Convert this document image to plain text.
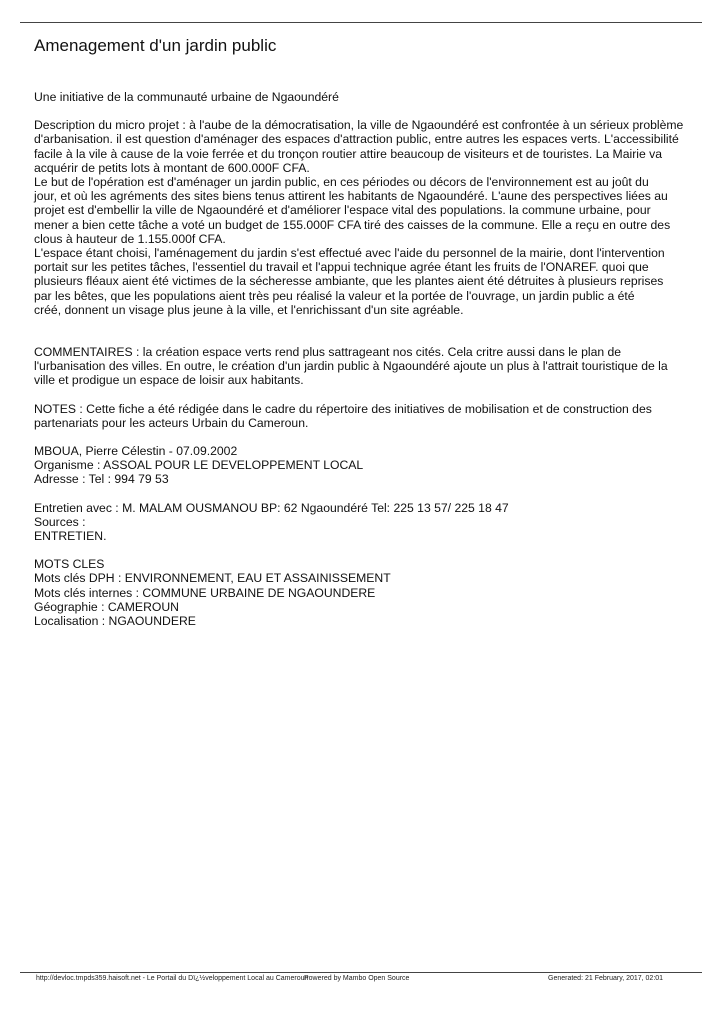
Amenagement d'un jardin public

Une initiative de la communauté urbaine de Ngaoundéré

Description du micro projet : à l'aube de la démocratisation, la ville de Ngaoundéré est confrontée à un sérieux problème
d'arbanisation. il est question d'aménager des espaces d'attraction public, entre autres les espaces verts. L'accessibilité
facile à la vile à cause de la voie ferrée et du tronçon routier attire beaucoup de visiteurs et de touristes. La Mairie va
acquérir de petits lots à montant de 600.000F CFA.
Le but de l'opération est d'aménager un jardin public, en ces périodes ou décors de l'environnement est au joût du
jour, et où les agréments des sites biens tenus attirent les habitants de Ngaoundéré. L'aune des perspectives liées au
projet est d'embellir la ville de Ngaoundéré et d'améliorer l'espace vital des populations. la commune urbaine, pour
mener a bien cette tâche a voté un budget de 155.000F CFA tiré des caisses de la commune. Elle a reçu en outre des
clous à hauteur de 1.155.000f CFA.
L'espace étant choisi, l'aménagement du jardin s'est effectué avec l'aide du personnel de la mairie, dont l'intervention
portait sur les petites tâches, l'essentiel du travail et l'appui technique agrée étant les fruits de l'ONAREF. quoi que
plusieurs fléaux aient été victimes de la sécheresse ambiante, que les plantes aient été détruites à plusieurs reprises
par les bêtes, que les populations aient très peu réalisé la valeur et la portée de l'ouvrage, un jardin public a été
créé, donnent un visage plus jeune à la ville, et l'enrichissant d'un site agréable.

COMMENTAIRES : la création espace verts rend plus sattrageant nos cités. Cela critre aussi dans le plan de
l'urbanisation des villes. En outre, le création d'un jardin public à Ngaoundéré ajoute un plus à l'attrait touristique de la
ville et prodigue un espace de loisir aux habitants.

NOTES : Cette fiche a été rédigée dans le cadre du répertoire des initiatives de mobilisation et de construction des
partenariats pour les acteurs Urbain du Cameroun.

MBOUA, Pierre Célestin - 07.09.2002
Organisme : ASSOAL POUR LE DEVELOPPEMENT LOCAL
Adresse : Tel : 994 79 53

Entretien avec : M. MALAM OUSMANOU BP: 62 Ngaoundéré Tel: 225 13 57/ 225 18 47
Sources :
ENTRETIEN.

MOTS CLES
Mots clés DPH : ENVIRONNEMENT, EAU ET ASSAINISSEMENT
Mots clés internes : COMMUNE URBAINE DE NGAOUNDERE
Géographie : CAMEROUN
Localisation : NGAOUNDERE

http://devloc.tmpds359.haisoft.net - Le Portail du Dï¿½veloppement Local au Cameroun
Powered by Mambo Open Source	Generated: 21 February, 2017, 02:01
